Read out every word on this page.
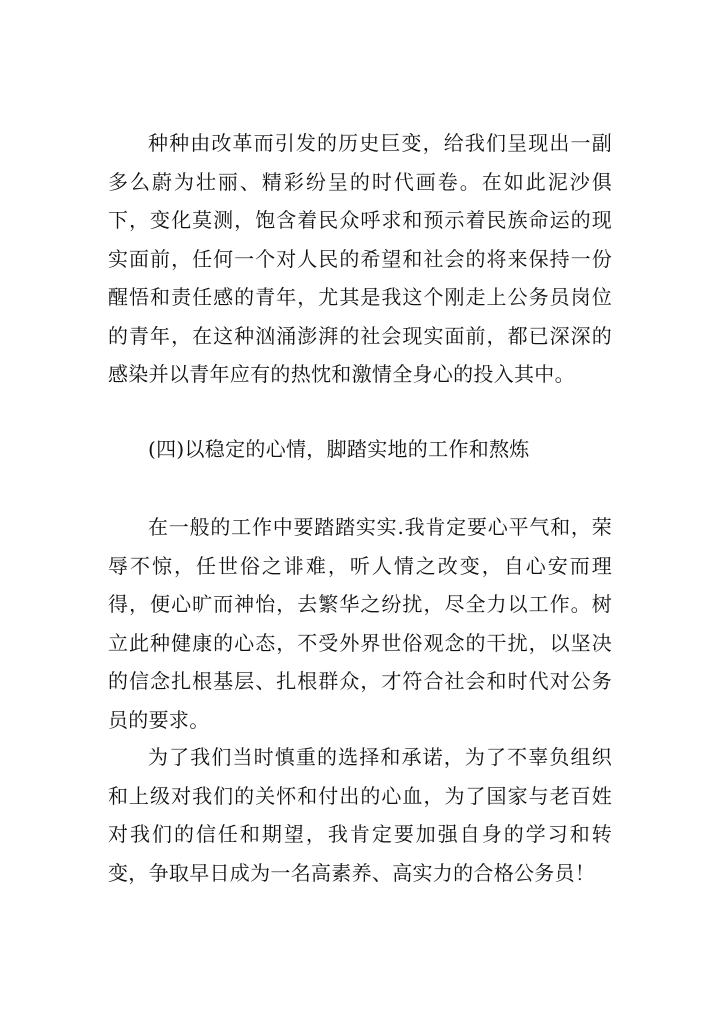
种种由改革而引发的历史巨变，给我们呈现出一副多么蔚为壮丽、精彩纷呈的时代画卷。在如此泥沙俱下，变化莫测，饱含着民众呼求和预示着民族命运的现实面前，任何一个对人民的希望和社会的将来保持一份醒悟和责任感的青年，尤其是我这个刚走上公务员岗位的青年，在这种汹涌澎湃的社会现实面前，都已深深的感染并以青年应有的热忱和激情全身心的投入其中。

(四)以稳定的心情，脚踏实地的工作和熬炼

在一般的工作中要踏踏实实.我肯定要心平气和，荣辱不惊，任世俗之诽难，听人情之改变，自心安而理得，便心旷而神怡，去繁华之纷扰，尽全力以工作。树立此种健康的心态，不受外界世俗观念的干扰，以坚决的信念扎根基层、扎根群众，才符合社会和时代对公务员的要求。

为了我们当时慎重的选择和承诺，为了不辜负组织和上级对我们的关怀和付出的心血，为了国家与老百姓对我们的信任和期望，我肯定要加强自身的学习和转变，争取早日成为一名高素养、高实力的合格公务员！
